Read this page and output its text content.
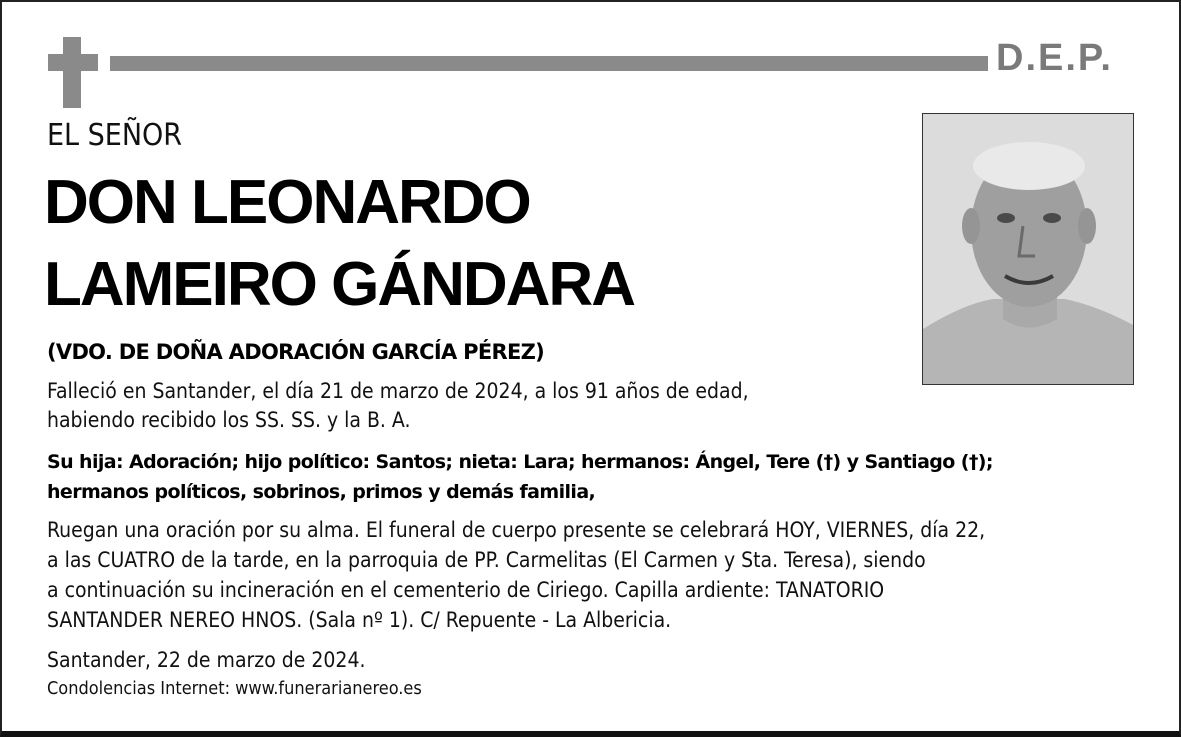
D.E.P.
EL SEÑOR
DON LEONARDO
LAMEIRO GÁNDARA
(VDO. DE DOÑA ADORACIÓN GARCÍA PÉREZ)
Falleció en Santander, el día 21 de marzo de 2024, a los 91 años de edad,
habiendo recibido los SS. SS. y la B. A.
Su hija: Adoración; hijo político: Santos; nieta: Lara; hermanos: Ángel, Tere (†) y Santiago (†);
hermanos políticos, sobrinos, primos y demás familia,
Ruegan una oración por su alma. El funeral de cuerpo presente se celebrará HOY, VIERNES, día 22,
a las CUATRO de la tarde, en la parroquia de PP. Carmelitas (El Carmen y Sta. Teresa), siendo
a continuación su incineración en el cementerio de Ciriego. Capilla ardiente: TANATORIO
SANTANDER NEREO HNOS. (Sala nº 1). C/ Repuente - La Albericia.
Santander, 22 de marzo de 2024.
Condolencias Internet: www.funerarianereo.es
